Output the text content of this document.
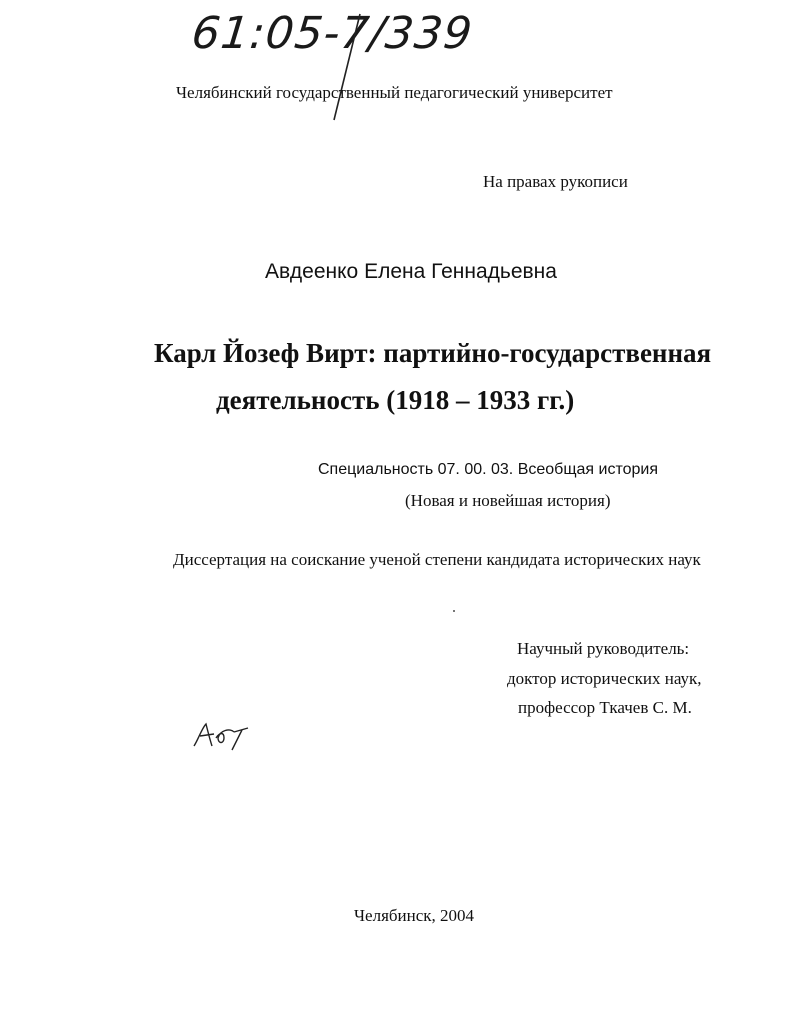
61:05-7/339
Челябинский государственный педагогический университет
На правах рукописи
Авдеенко Елена Геннадьевна
Карл Йозеф Вирт: партийно-государственная
деятельность (1918 – 1933 гг.)
Специальность 07. 00. 03. Всеобщая история
(Новая и новейшая история)
Диссертация на соискание ученой степени кандидата исторических наук
Научный руководитель:
доктор исторических наук,
профессор Ткачев С. М.
Челябинск, 2004
